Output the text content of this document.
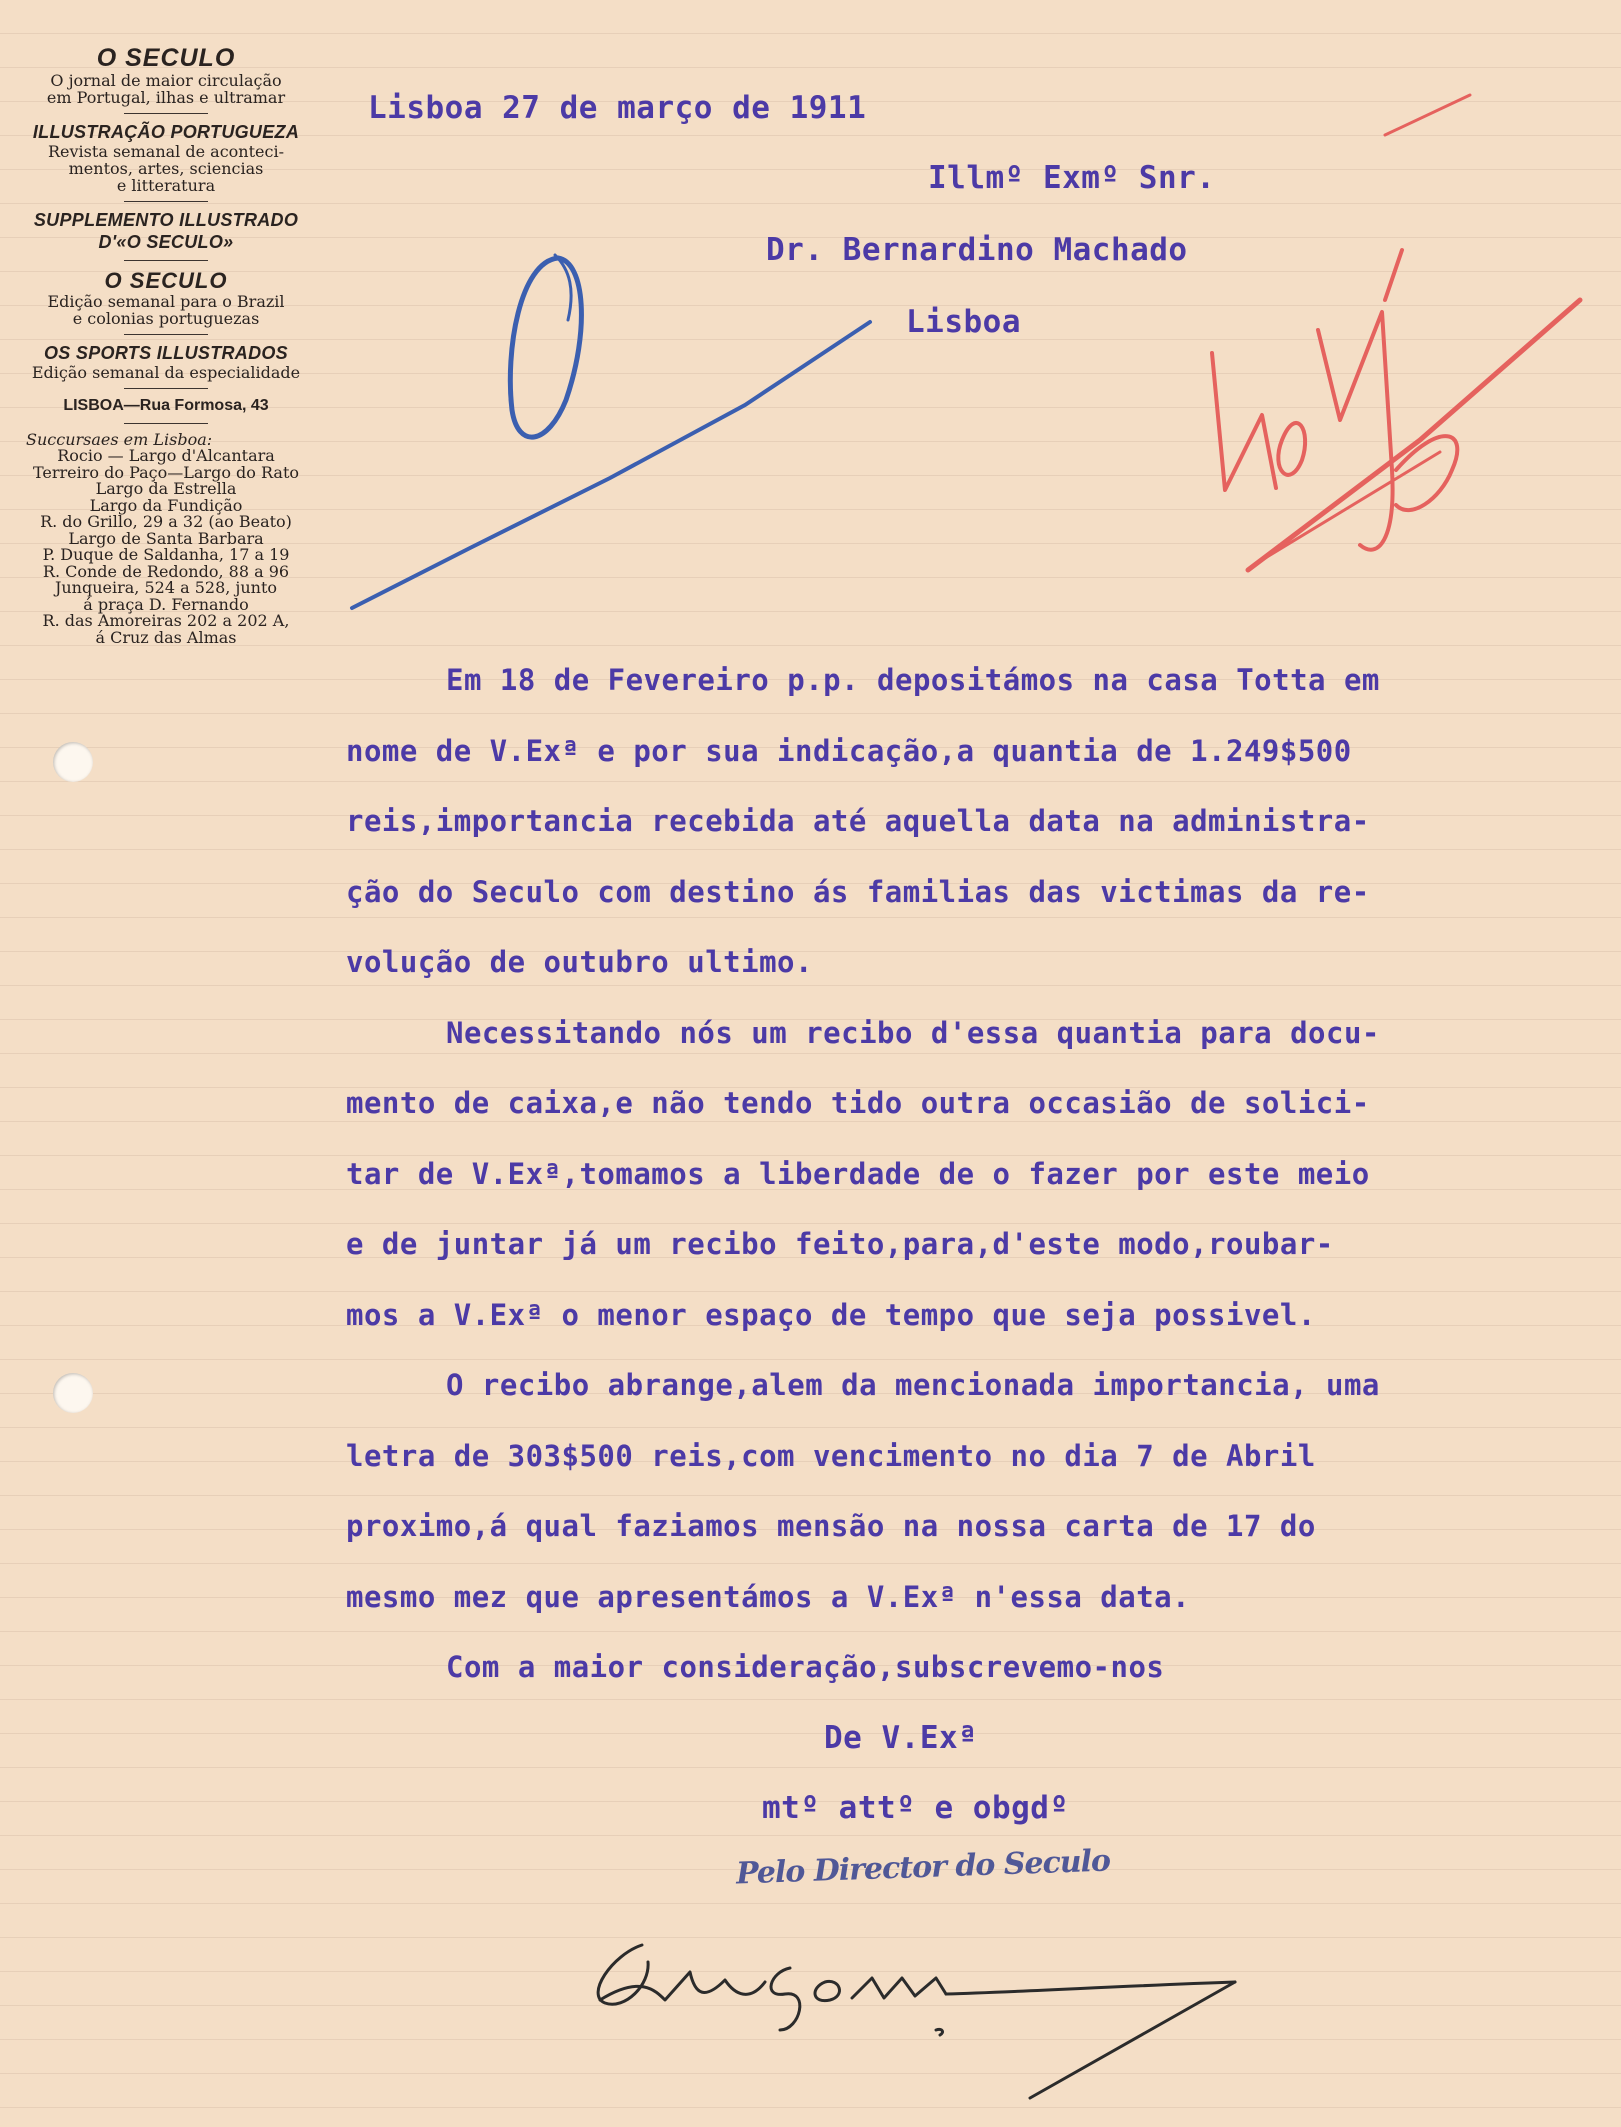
O SECULO
O jornal de maior circulação
em Portugal, ilhas e ultramar
ILLUSTRAÇÃO PORTUGUEZA
Revista semanal de aconteci-
mentos, artes, sciencias
e litteratura
SUPPLEMENTO ILLUSTRADO
D'«O SECULO»
O SECULO
Edição semanal para o Brazil
e colonias portuguezas
OS SPORTS ILLUSTRADOS
Edição semanal da especialidade
LISBOA—Rua Formosa, 43
Succursaes em Lisboa:
Rocio — Largo d'Alcantara
Terreiro do Paço—Largo do Rato
Largo da Estrella
Largo da Fundição
R. do Grillo, 29 a 32 (ao Beato)
Largo de Santa Barbara
P. Duque de Saldanha, 17 a 19
R. Conde de Redondo, 88 a 96
Junqueira, 524 a 528, junto
á praça D. Fernando
R. das Amoreiras 202 a 202 A,
á Cruz das Almas
Lisboa 27 de março de 1911
Illmº Exmº Snr.
Dr. Bernardino Machado
Lisboa
Em 18 de Fevereiro p.p. depositámos na casa Totta em
nome de V.Exª e por sua indicação,a quantia de 1.249$500
reis,importancia recebida até aquella data na administra-
ção do Seculo com destino ás familias das victimas da re-
volução de outubro ultimo.
Necessitando nós um recibo d'essa quantia para docu-
mento de caixa,e não tendo tido outra occasião de solici-
tar de V.Exª,tomamos a liberdade de o fazer por este meio
e de juntar já um recibo feito,para,d'este modo,roubar-
mos a V.Exª o menor espaço de tempo que seja possivel.
O recibo abrange,alem da mencionada importancia, uma
letra de 303$500 reis,com vencimento no dia 7 de Abril
proximo,á qual faziamos mensão na nossa carta de 17 do
mesmo mez que apresentámos a V.Exª n'essa data.
Com a maior consideração,subscrevemo-nos
De V.Exª
mtº attº e obgdº
Pelo Director do Seculo
